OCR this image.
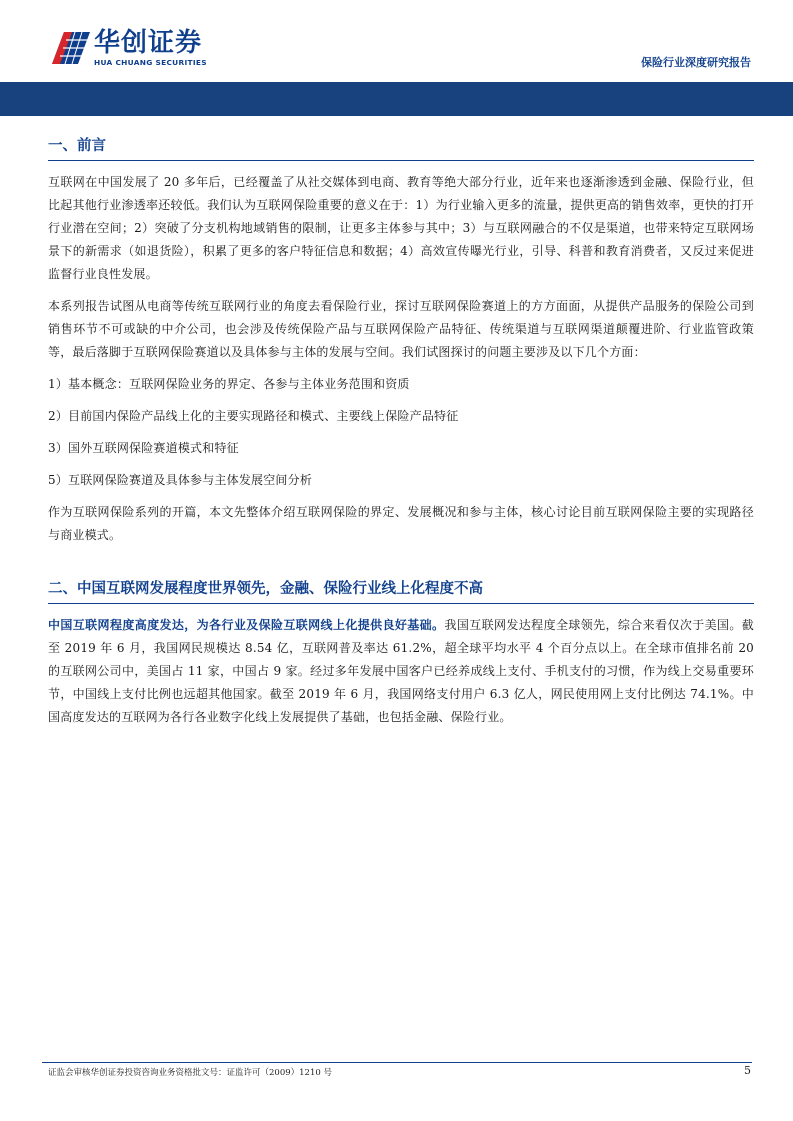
华创证券
HUA CHUANG SECURITIES	保险行业深度研究报告
一、前言

互联网在中国发展了 20 多年后，已经覆盖了从社交媒体到电商、教育等绝大部分行业，近年来也逐渐渗透到金融、保险行业，但比起其他行业渗透率还较低。我们认为互联网保险重要的意义在于：1）为行业输入更多的流量，提供更高的销售效率，更快的打开行业潜在空间；2）突破了分支机构地域销售的限制，让更多主体参与其中；3）与互联网融合的不仅是渠道，也带来特定互联网场景下的新需求（如退货险），积累了更多的客户特征信息和数据；4）高效宣传曝光行业，引导、科普和教育消费者，又反过来促进监督行业良性发展。

本系列报告试图从电商等传统互联网行业的角度去看保险行业，探讨互联网保险赛道上的方方面面，从提供产品服务的保险公司到销售环节不可或缺的中介公司，也会涉及传统保险产品与互联网保险产品特征、传统渠道与互联网渠道颠覆进阶、行业监管政策等，最后落脚于互联网保险赛道以及具体参与主体的发展与空间。我们试图探讨的问题主要涉及以下几个方面：

1）基本概念：互联网保险业务的界定、各参与主体业务范围和资质

2）目前国内保险产品线上化的主要实现路径和模式、主要线上保险产品特征

3）国外互联网保险赛道模式和特征

5）互联网保险赛道及具体参与主体发展空间分析

作为互联网保险系列的开篇，本文先整体介绍互联网保险的界定、发展概况和参与主体，核心讨论目前互联网保险主要的实现路径与商业模式。

二、中国互联网发展程度世界领先，金融、保险行业线上化程度不高

中国互联网程度高度发达，为各行业及保险互联网线上化提供良好基础。我国互联网发达程度全球领先，综合来看仅次于美国。截至 2019 年 6 月，我国网民规模达 8.54 亿，互联网普及率达 61.2%，超全球平均水平 4 个百分点以上。在全球市值排名前 20 的互联网公司中，美国占 11 家，中国占 9 家。经过多年发展中国客户已经养成线上支付、手机支付的习惯，作为线上交易重要环节，中国线上支付比例也远超其他国家。截至 2019 年 6 月，我国网络支付用户 6.3 亿人，网民使用网上支付比例达 74.1%。中国高度发达的互联网为各行各业数字化线上发展提供了基础，也包括金融、保险行业。

证监会审核华创证券投资咨询业务资格批文号：证监许可（2009）1210 号	5
